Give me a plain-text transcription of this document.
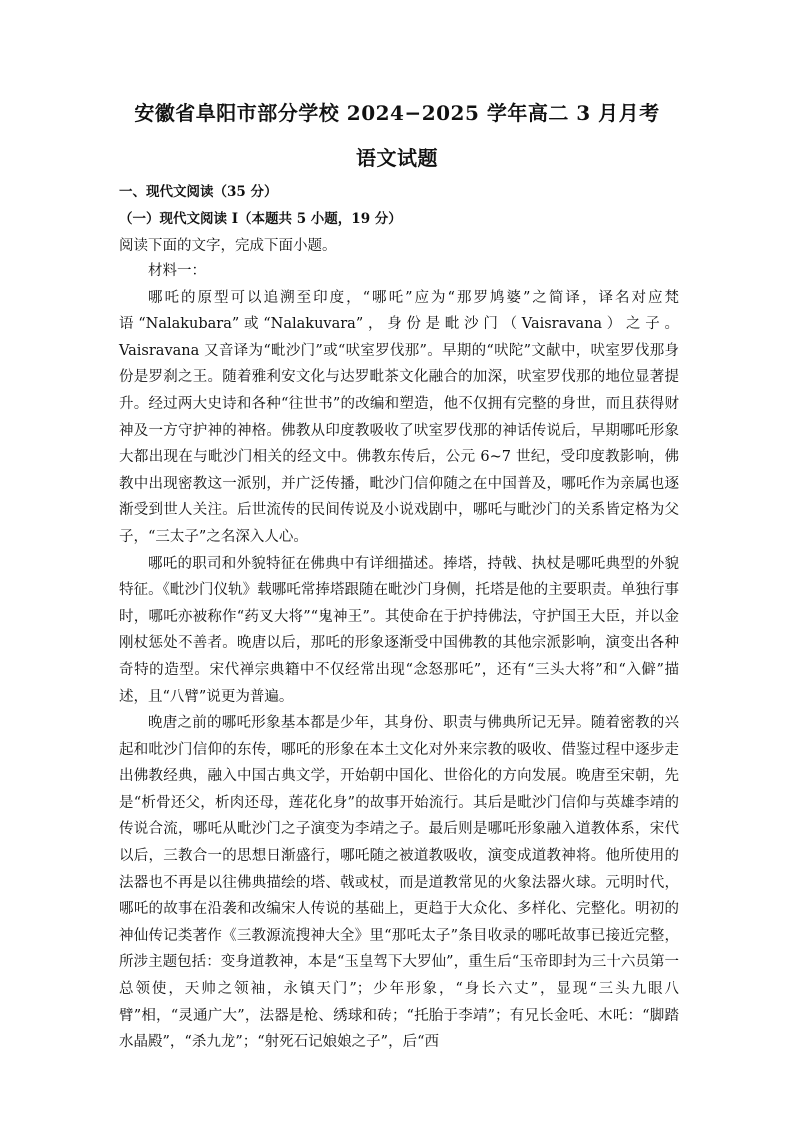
安徽省阜阳市部分学校 2024−2025 学年高二 3 月月考
语文试题
一、现代文阅读（35 分）
（一）现代文阅读 I（本题共 5 小题，19 分）
阅读下面的文字，完成下面小题。

材料一：

哪吒的原型可以追溯至印度，“哪吒”应为“那罗鸠婆”之简译，译名对应梵语“Nalakubara”或“Nalakuvara”，身份是毗沙门（Vaisravana）之子。Vaisravana 又音译为“毗沙门”或“吠室罗伐那”。早期的“吠陀”文献中，吠室罗伐那身份是罗刹之王。随着雅利安文化与达罗毗茶文化融合的加深，吠室罗伐那的地位显著提升。经过两大史诗和各种“往世书”的改编和塑造，他不仅拥有完整的身世，而且获得财神及一方守护神的神格。佛教从印度教吸收了吠室罗伐那的神话传说后，早期哪吒形象大都出现在与毗沙门相关的经文中。佛教东传后，公元 6~7 世纪，受印度教影响，佛教中出现密教这一派别，并广泛传播，毗沙门信仰随之在中国普及，哪吒作为亲属也逐渐受到世人关注。后世流传的民间传说及小说戏剧中，哪吒与毗沙门的关系皆定格为父子，“三太子”之名深入人心。

哪吒的职司和外貌特征在佛典中有详细描述。捧塔，持戟、执杖是哪吒典型的外貌特征。《毗沙门仪轨》载哪吒常捧塔跟随在毗沙门身侧，托塔是他的主要职责。单独行事时，哪吒亦被称作“药叉大将”“鬼神王”。其使命在于护持佛法，守护国王大臣，并以金刚杖惩处不善者。晚唐以后，那吒的形象逐渐受中国佛教的其他宗派影响，演变出各种奇特的造型。宋代禅宗典籍中不仅经常出现“念怒那吒”，还有“三头大将”和“入僻”描述，且“八臂”说更为普遍。

晚唐之前的哪吒形象基本都是少年，其身份、职责与佛典所记无异。随着密教的兴起和吡沙门信仰的东传，哪吒的形象在本土文化对外来宗教的吸收、借鉴过程中逐步走出佛教经典，融入中国古典文学，开始朝中国化、世俗化的方向发展。晚唐至宋朝，先是“析骨还父，析肉还母，莲花化身”的故事开始流行。其后是毗沙门信仰与英雄李靖的传说合流，哪吒从毗沙门之子演变为李靖之子。最后则是哪吒形象融入道教体系，宋代以后，三教合一的思想日渐盛行，哪吒随之被道教吸收，演变成道教神将。他所使用的法器也不再是以往佛典描绘的塔、戟或杖，而是道教常见的火象法器火球。元明时代，哪吒的故事在沿袭和改编宋人传说的基础上，更趋于大众化、多样化、完整化。明初的神仙传记类著作《三教源流搜神大全》里“那吒太子”条目收录的哪吒故事已接近完整，所涉主题包括：变身道教神，本是“玉皇驾下大罗仙”，重生后“玉帝即封为三十六员第一总领使，天帅之领袖，永镇天门”；少年形象，“身长六丈”，显现“三头九眼八臂”相，“灵通广大”，法器是枪、绣球和砖；“托胎于李靖”；有兄长金吒、木吒：“脚踏水晶殿”，“杀九龙”；“射死石记娘娘之子”，后“西
